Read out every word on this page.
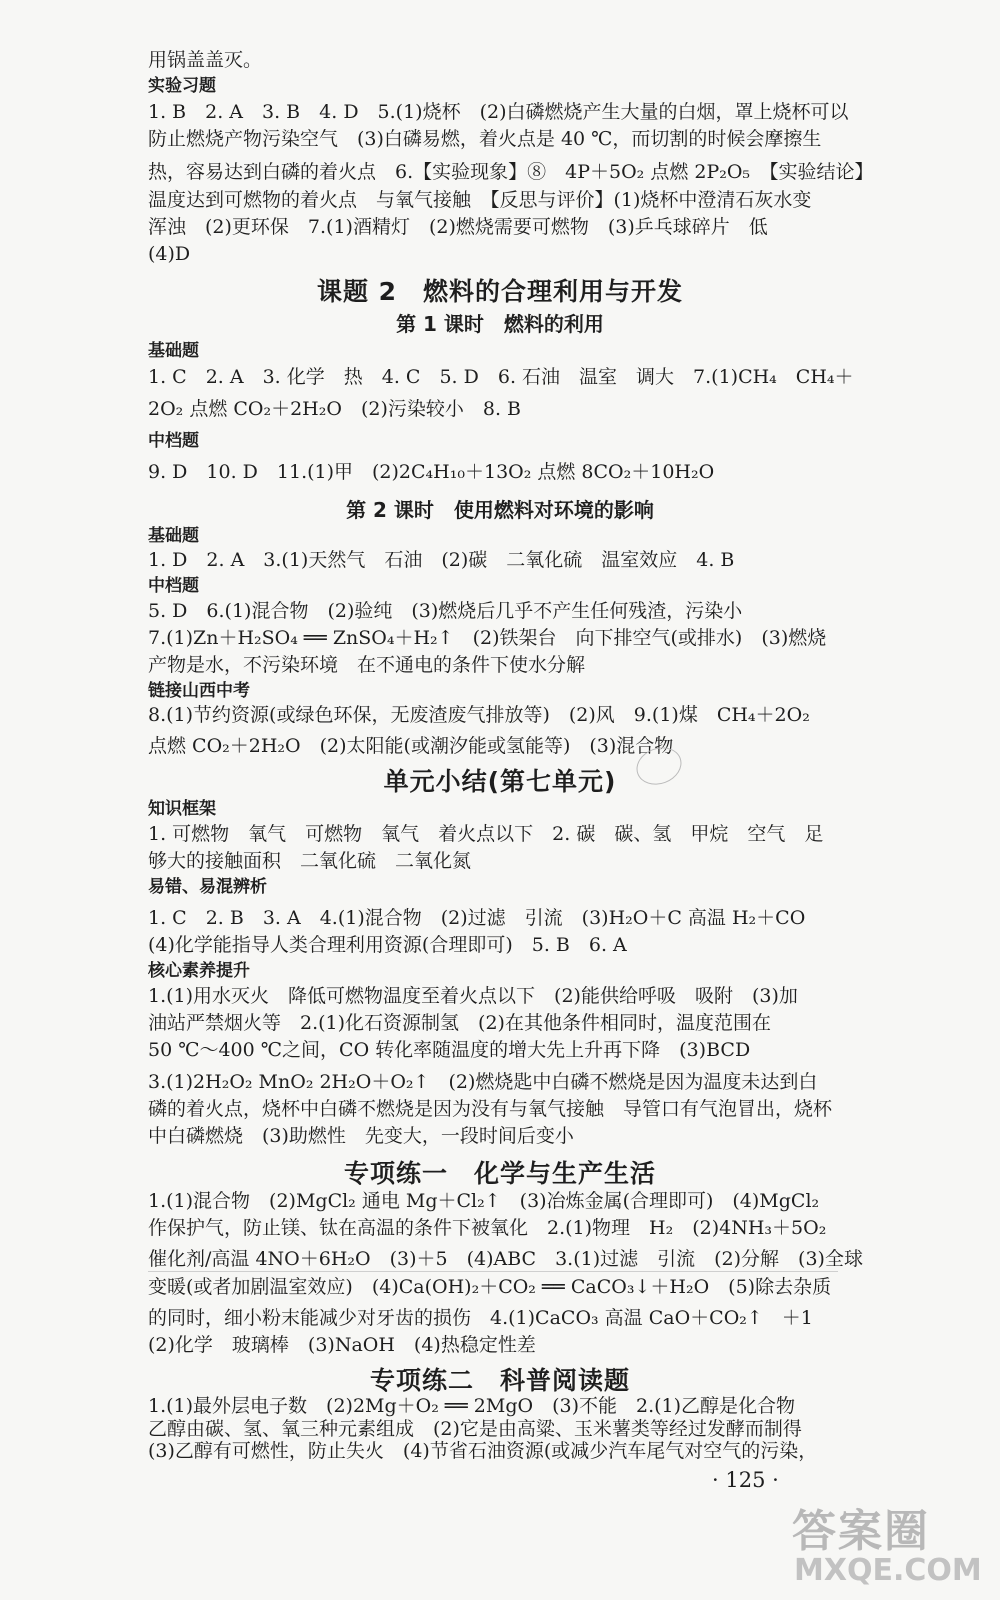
用锅盖盖灭。
实验习题
1. B　2. A　3. B　4. D　5.(1)烧杯　(2)白磷燃烧产生大量的白烟，罩上烧杯可以
防止燃烧产物污染空气　(3)白磷易燃，着火点是 40 ℃，而切割的时候会摩擦生
热，容易达到白磷的着火点　6.【实验现象】⑧　4P＋5O₂ 点燃 2P₂O₅　【实验结论】
温度达到可燃物的着火点　与氧气接触　【反思与评价】(1)烧杯中澄清石灰水变
浑浊　(2)更环保　7.(1)酒精灯　(2)燃烧需要可燃物　(3)乒乓球碎片　低
(4)D
课题 2　燃料的合理利用与开发
第 1 课时　燃料的利用
基础题
1. C　2. A　3. 化学　热　4. C　5. D　6. 石油　温室　调大　7.(1)CH₄　CH₄＋
2O₂ 点燃 CO₂＋2H₂O　(2)污染较小　8. B
中档题
9. D　10. D　11.(1)甲　(2)2C₄H₁₀＋13O₂ 点燃 8CO₂＋10H₂O
第 2 课时　使用燃料对环境的影响
基础题
1. D　2. A　3.(1)天然气　石油　(2)碳　二氧化硫　温室效应　4. B
中档题
5. D　6.(1)混合物　(2)验纯　(3)燃烧后几乎不产生任何残渣，污染小
7.(1)Zn＋H₂SO₄ ══ ZnSO₄＋H₂↑　(2)铁架台　向下排空气(或排水)　(3)燃烧
产物是水，不污染环境　在不通电的条件下使水分解
链接山西中考
8.(1)节约资源(或绿色环保，无废渣废气排放等)　(2)风　9.(1)煤　CH₄＋2O₂
点燃 CO₂＋2H₂O　(2)太阳能(或潮汐能或氢能等)　(3)混合物
单元小结(第七单元)
知识框架
1. 可燃物　氧气　可燃物　氧气　着火点以下　2. 碳　碳、氢　甲烷　空气　足
够大的接触面积　二氧化硫　二氧化氮
易错、易混辨析
1. C　2. B　3. A　4.(1)混合物　(2)过滤　引流　(3)H₂O＋C 高温 H₂＋CO
(4)化学能指导人类合理利用资源(合理即可)　5. B　6. A
核心素养提升
1.(1)用水灭火　降低可燃物温度至着火点以下　(2)能供给呼吸　吸附　(3)加
油站严禁烟火等　2.(1)化石资源制氢　(2)在其他条件相同时，温度范围在
50 ℃～400 ℃之间，CO 转化率随温度的增大先上升再下降　(3)BCD
3.(1)2H₂O₂ MnO₂ 2H₂O＋O₂↑　(2)燃烧匙中白磷不燃烧是因为温度未达到白
磷的着火点，烧杯中白磷不燃烧是因为没有与氧气接触　导管口有气泡冒出，烧杯
中白磷燃烧　(3)助燃性　先变大，一段时间后变小
专项练一　化学与生产生活
1.(1)混合物　(2)MgCl₂ 通电 Mg＋Cl₂↑　(3)冶炼金属(合理即可)　(4)MgCl₂
作保护气，防止镁、钛在高温的条件下被氧化　2.(1)物理　H₂　(2)4NH₃＋5O₂
催化剂/高温 4NO＋6H₂O　(3)＋5　(4)ABC　3.(1)过滤　引流　(2)分解　(3)全球
变暖(或者加剧温室效应)　(4)Ca(OH)₂＋CO₂ ══ CaCO₃↓＋H₂O　(5)除去杂质
的同时，细小粉末能减少对牙齿的损伤　4.(1)CaCO₃ 高温 CaO＋CO₂↑　＋1
(2)化学　玻璃棒　(3)NaOH　(4)热稳定性差
专项练二　科普阅读题
1.(1)最外层电子数　(2)2Mg＋O₂ ══ 2MgO　(3)不能　2.(1)乙醇是化合物
乙醇由碳、氢、氧三种元素组成　(2)它是由高粱、玉米薯类等经过发酵而制得
(3)乙醇有可燃性，防止失火　(4)节省石油资源(或减少汽车尾气对空气的污染，
· 125 ·
答案圈
MXQE.COM
